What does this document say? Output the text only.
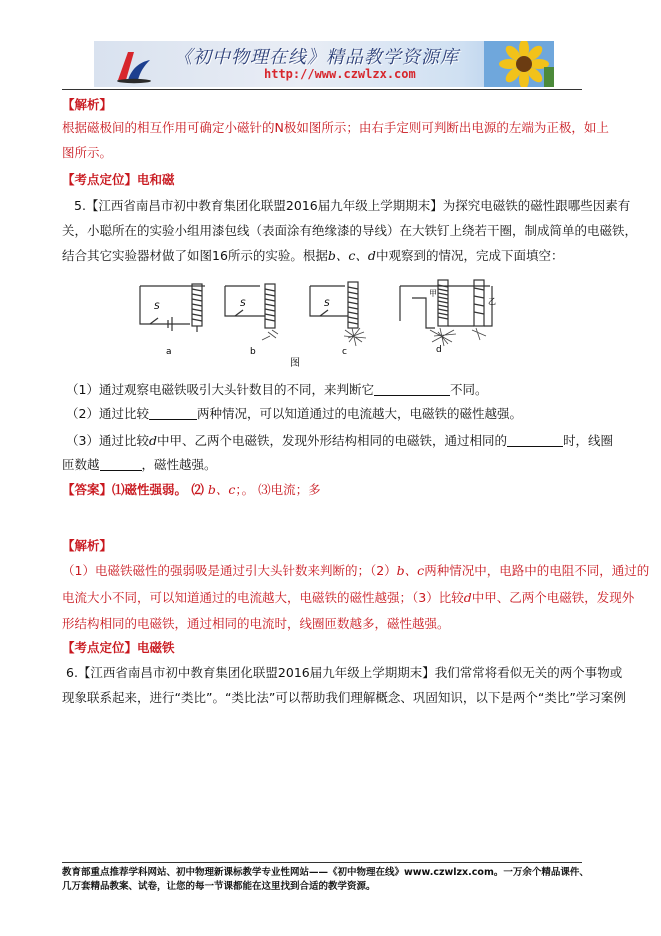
《初中物理在线》精品教学资源库
http://www.czwlzx.com
【解析】
根据磁极间的相互作用可确定小磁针的N极如图所示；由右手定则可判断出电源的左端为正极，如上
图所示。
【考点定位】电和磁
5.【江西省南昌市初中教育集团化联盟2016届九年级上学期期末】为探究电磁铁的磁性跟哪些因素有
关，小聪所在的实验小组用漆包线（表面涂有绝缘漆的导线）在大铁钉上绕若干圈，制成简单的电磁铁，
结合其它实验器材做了如图16所示的实验。根据b、c、d中观察到的情况，完成下面填空：
S	S	S
甲
乙
a	b	c	d
图
（1）通过观察电磁铁吸引大头针数目的不同，来判断它	不同。
（2）通过比较	两种情况，可以知道通过的电流越大，电磁铁的磁性越强。
（3）通过比较d中甲、乙两个电磁铁，发现外形结构相同的电磁铁，通过相同的	时，线圈
匝数越	，磁性越强。
【答案】⑴磁性强弱。 ⑵ b、c；。 ⑶电流；多
【解析】
（1）电磁铁磁性的强弱吸是通过引大头针数来判断的；（2）b、c两种情况中，电路中的电阻不同，通过的
电流大小不同，可以知道通过的电流越大，电磁铁的磁性越强；（3）比较d中甲、乙两个电磁铁，发现外
形结构相同的电磁铁，通过相同的电流时，线圈匝数越多，磁性越强。
【考点定位】电磁铁
6.【江西省南昌市初中教育集团化联盟2016届九年级上学期期末】我们常常将看似无关的两个事物或
现象联系起来，进行“类比”。“类比法”可以帮助我们理解概念、巩固知识，以下是两个“类比”学习案例
教育部重点推荐学科网站、初中物理新课标教学专业性网站——《初中物理在线》www.czwlzx.com。一万余个精品课件、
几万套精品教案、试卷，让您的每一节课都能在这里找到合适的教学资源。
